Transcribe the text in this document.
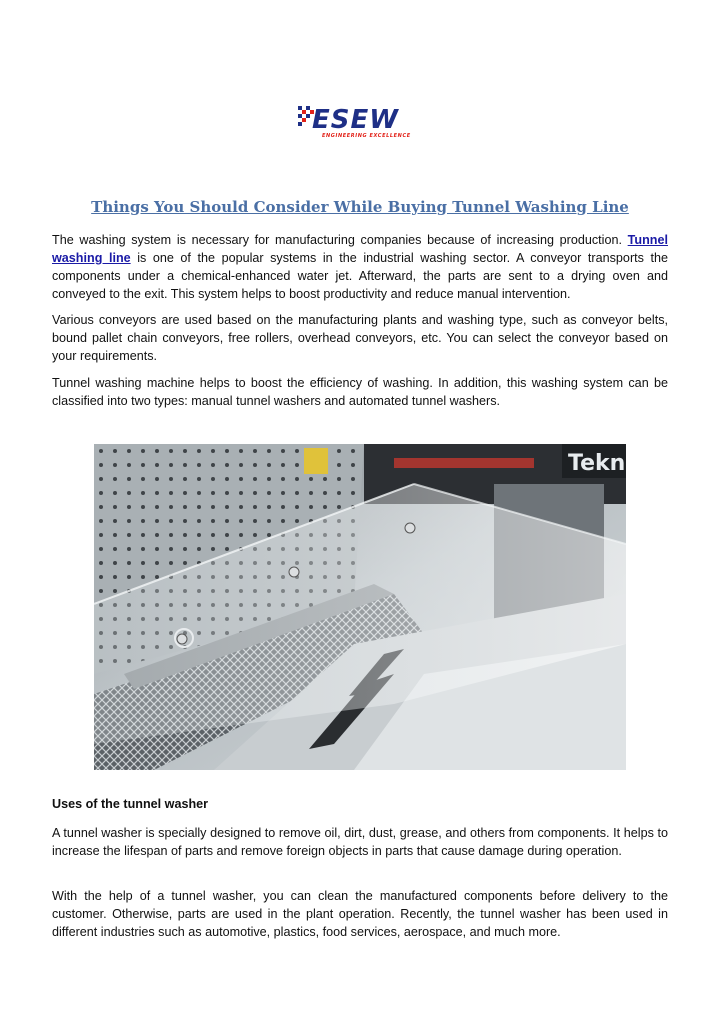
ESEW
ENGINEERING EXCELLENCE
Things You Should Consider While Buying Tunnel Washing Line

The washing system is necessary for manufacturing companies because of increasing production. Tunnel washing line is one of the popular systems in the industrial washing sector. A conveyor transports the components under a chemical-enhanced water jet. Afterward, the parts are sent to a drying oven and conveyed to the exit. This system helps to boost productivity and reduce manual intervention.

Various conveyors are used based on the manufacturing plants and washing type, such as conveyor belts, bound pallet chain conveyors, free rollers, overhead conveyors, etc. You can select the conveyor based on your requirements.

Tunnel washing machine helps to boost the efficiency of washing. In addition, this washing system can be classified into two types: manual tunnel washers and automated tunnel washers.

Tekn
Uses of the tunnel washer

A tunnel washer is specially designed to remove oil, dirt, dust, grease, and others from components. It helps to increase the lifespan of parts and remove foreign objects in parts that cause damage during operation.

With the help of a tunnel washer, you can clean the manufactured components before delivery to the customer. Otherwise, parts are used in the plant operation. Recently, the tunnel washer has been used in different industries such as automotive, plastics, food services, aerospace, and much more.
